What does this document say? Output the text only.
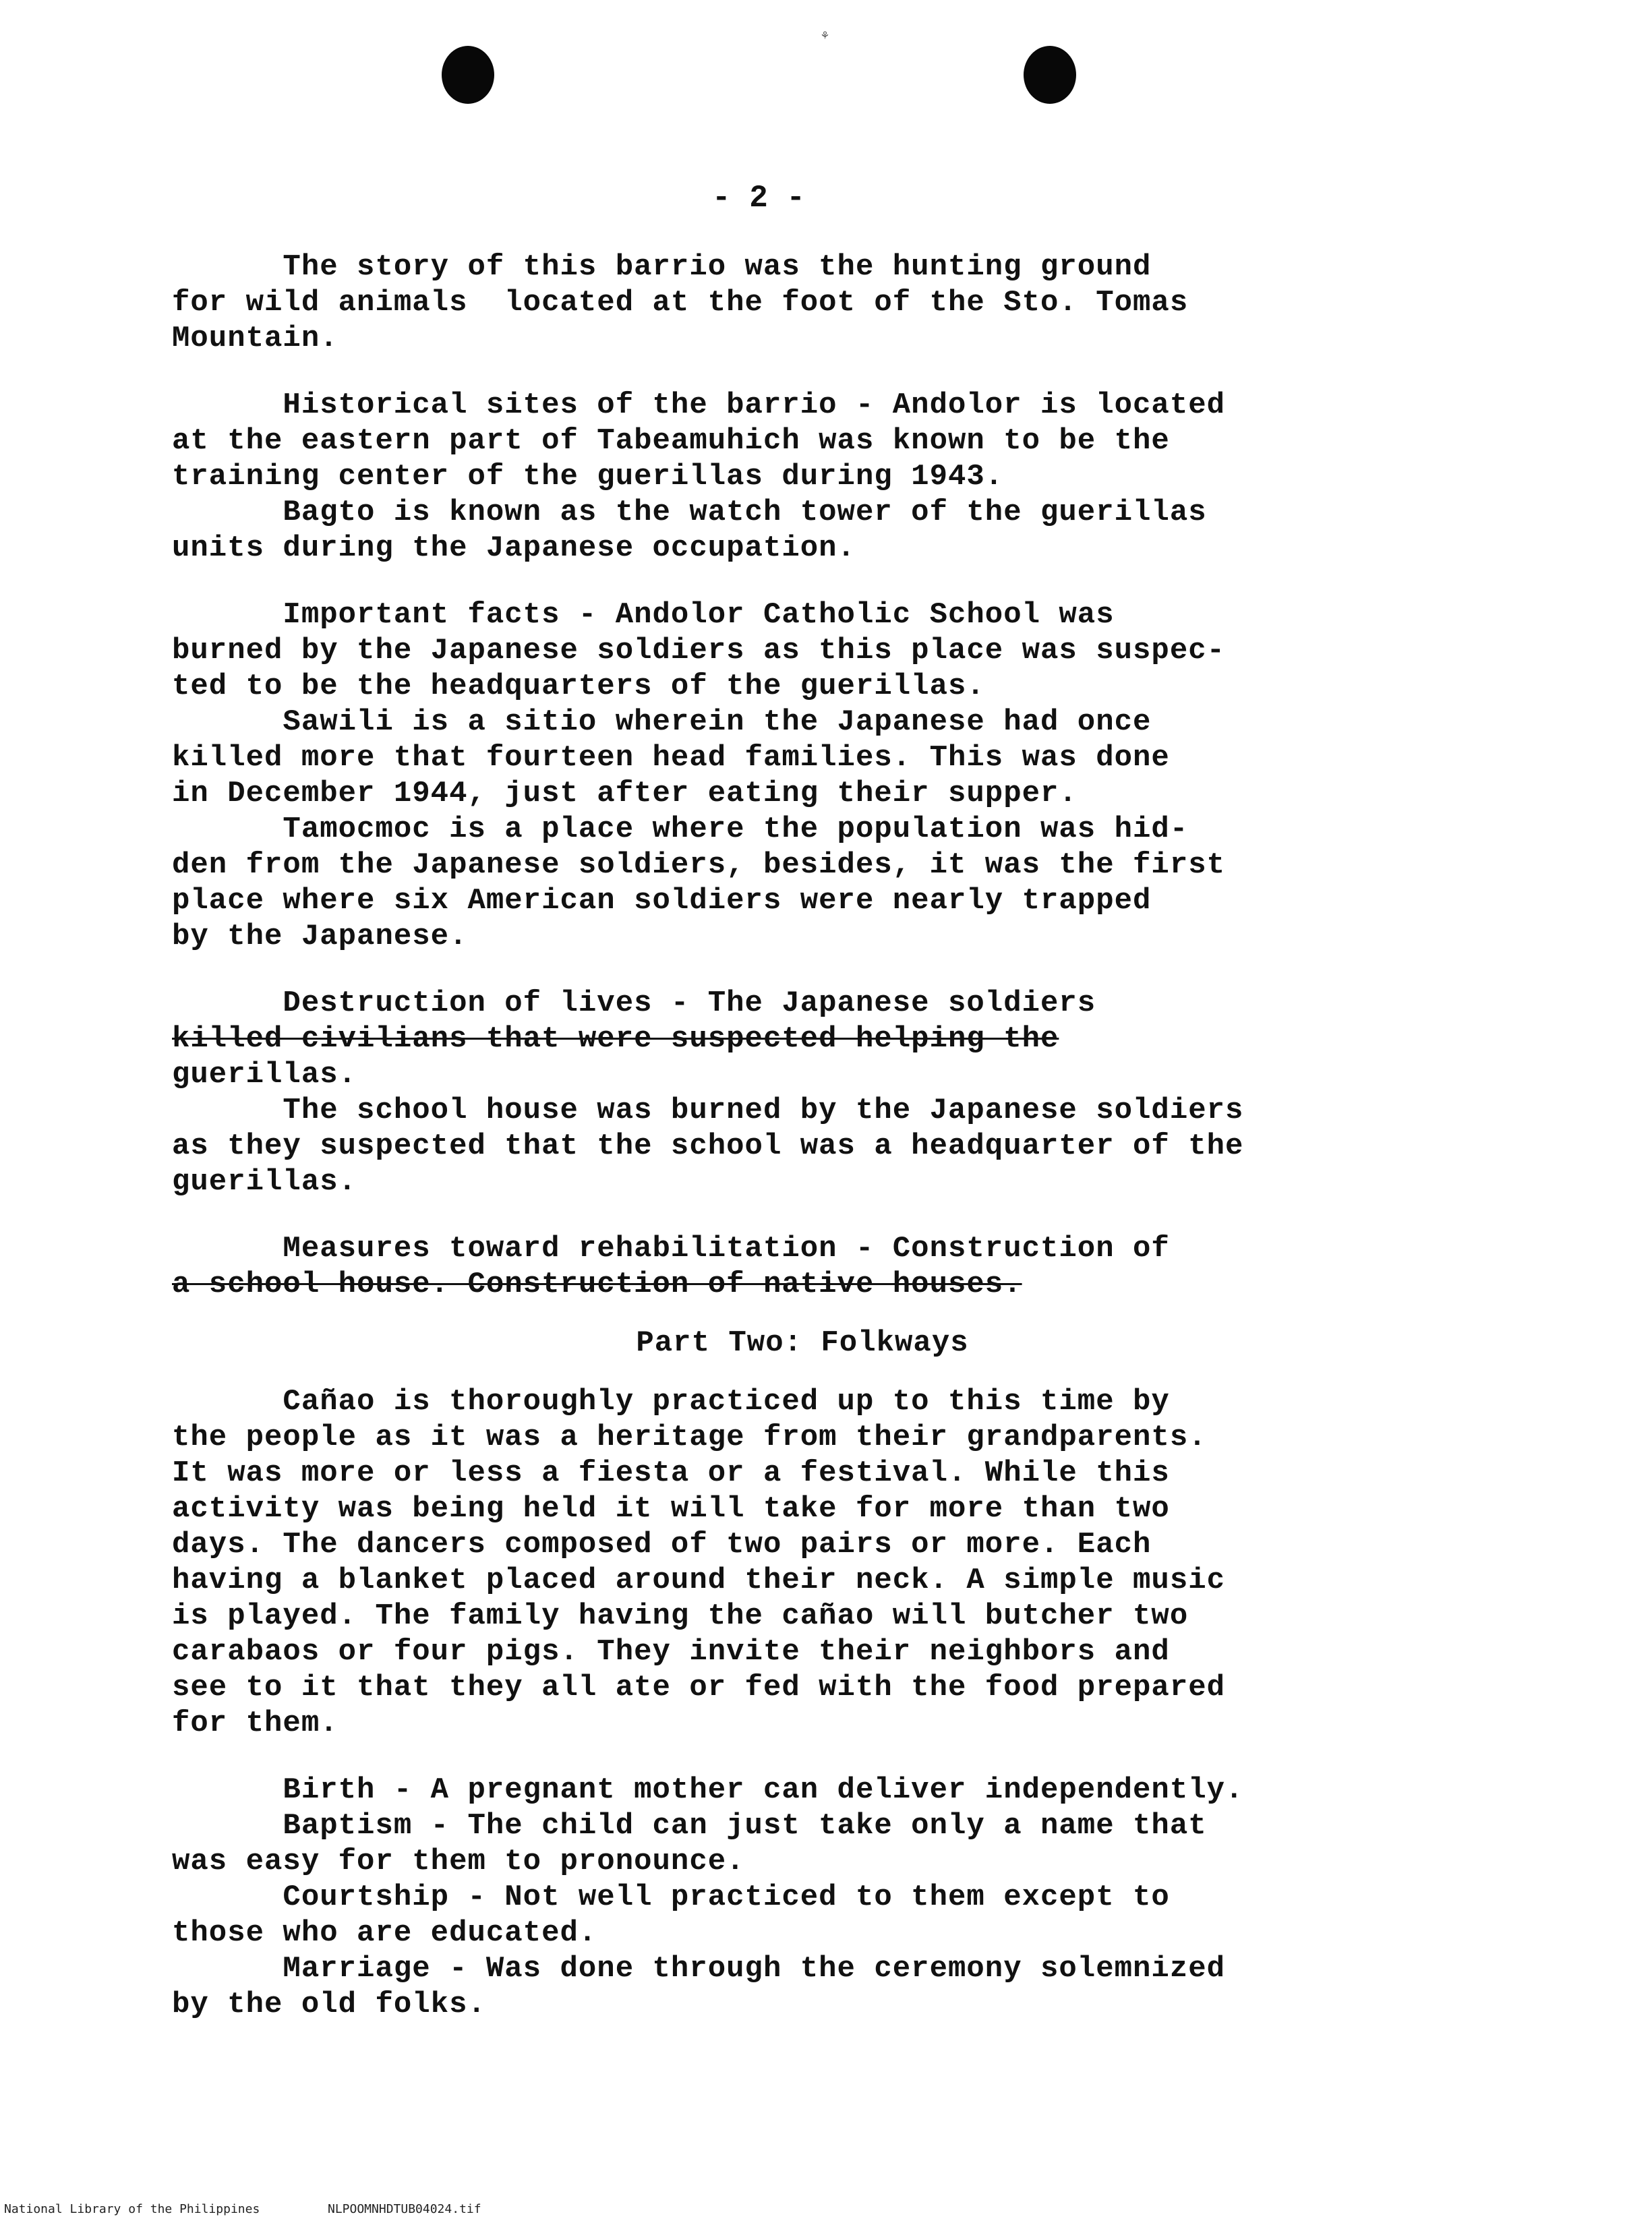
⚘
- 2 -
The story of this barrio was the hunting ground
for wild animals  located at the foot of the Sto. Tomas
Mountain.
Historical sites of the barrio - Andolor is located
at the eastern part of Tabeamuhich was known to be the
training center of the guerillas during 1943.
Bagto is known as the watch tower of the guerillas
units during the Japanese occupation.
Important facts - Andolor Catholic School was
burned by the Japanese soldiers as this place was suspec-
ted to be the headquarters of the guerillas.
Sawili is a sitio wherein the Japanese had once
killed more that fourteen head families. This was done
in December 1944, just after eating their supper.
Tamocmoc is a place where the population was hid-
den from the Japanese soldiers, besides, it was the first
place where six American soldiers were nearly trapped
by the Japanese.
Destruction of lives - The Japanese soldiers
killed civilians that were suspected helping the
guerillas.
The school house was burned by the Japanese soldiers
as they suspected that the school was a headquarter of the
guerillas.
Measures toward rehabilitation - Construction of
a school house. Construction of native houses.
Part Two: Folkways
Cañao is thoroughly practiced up to this time by
the people as it was a heritage from their grandparents.
It was more or less a fiesta or a festival. While this
activity was being held it will take for more than two
days. The dancers composed of two pairs or more. Each
having a blanket placed around their neck. A simple music
is played. The family having the cañao will butcher two
carabaos or four pigs. They invite their neighbors and
see to it that they all ate or fed with the food prepared
for them.
Birth - A pregnant mother can deliver independently.
Baptism - The child can just take only a name that
was easy for them to pronounce.
Courtship - Not well practiced to them except to
those who are educated.
Marriage - Was done through the ceremony solemnized
by the old folks.
National Library of the Philippines	NLPOOMNHDTUB04024.tif
